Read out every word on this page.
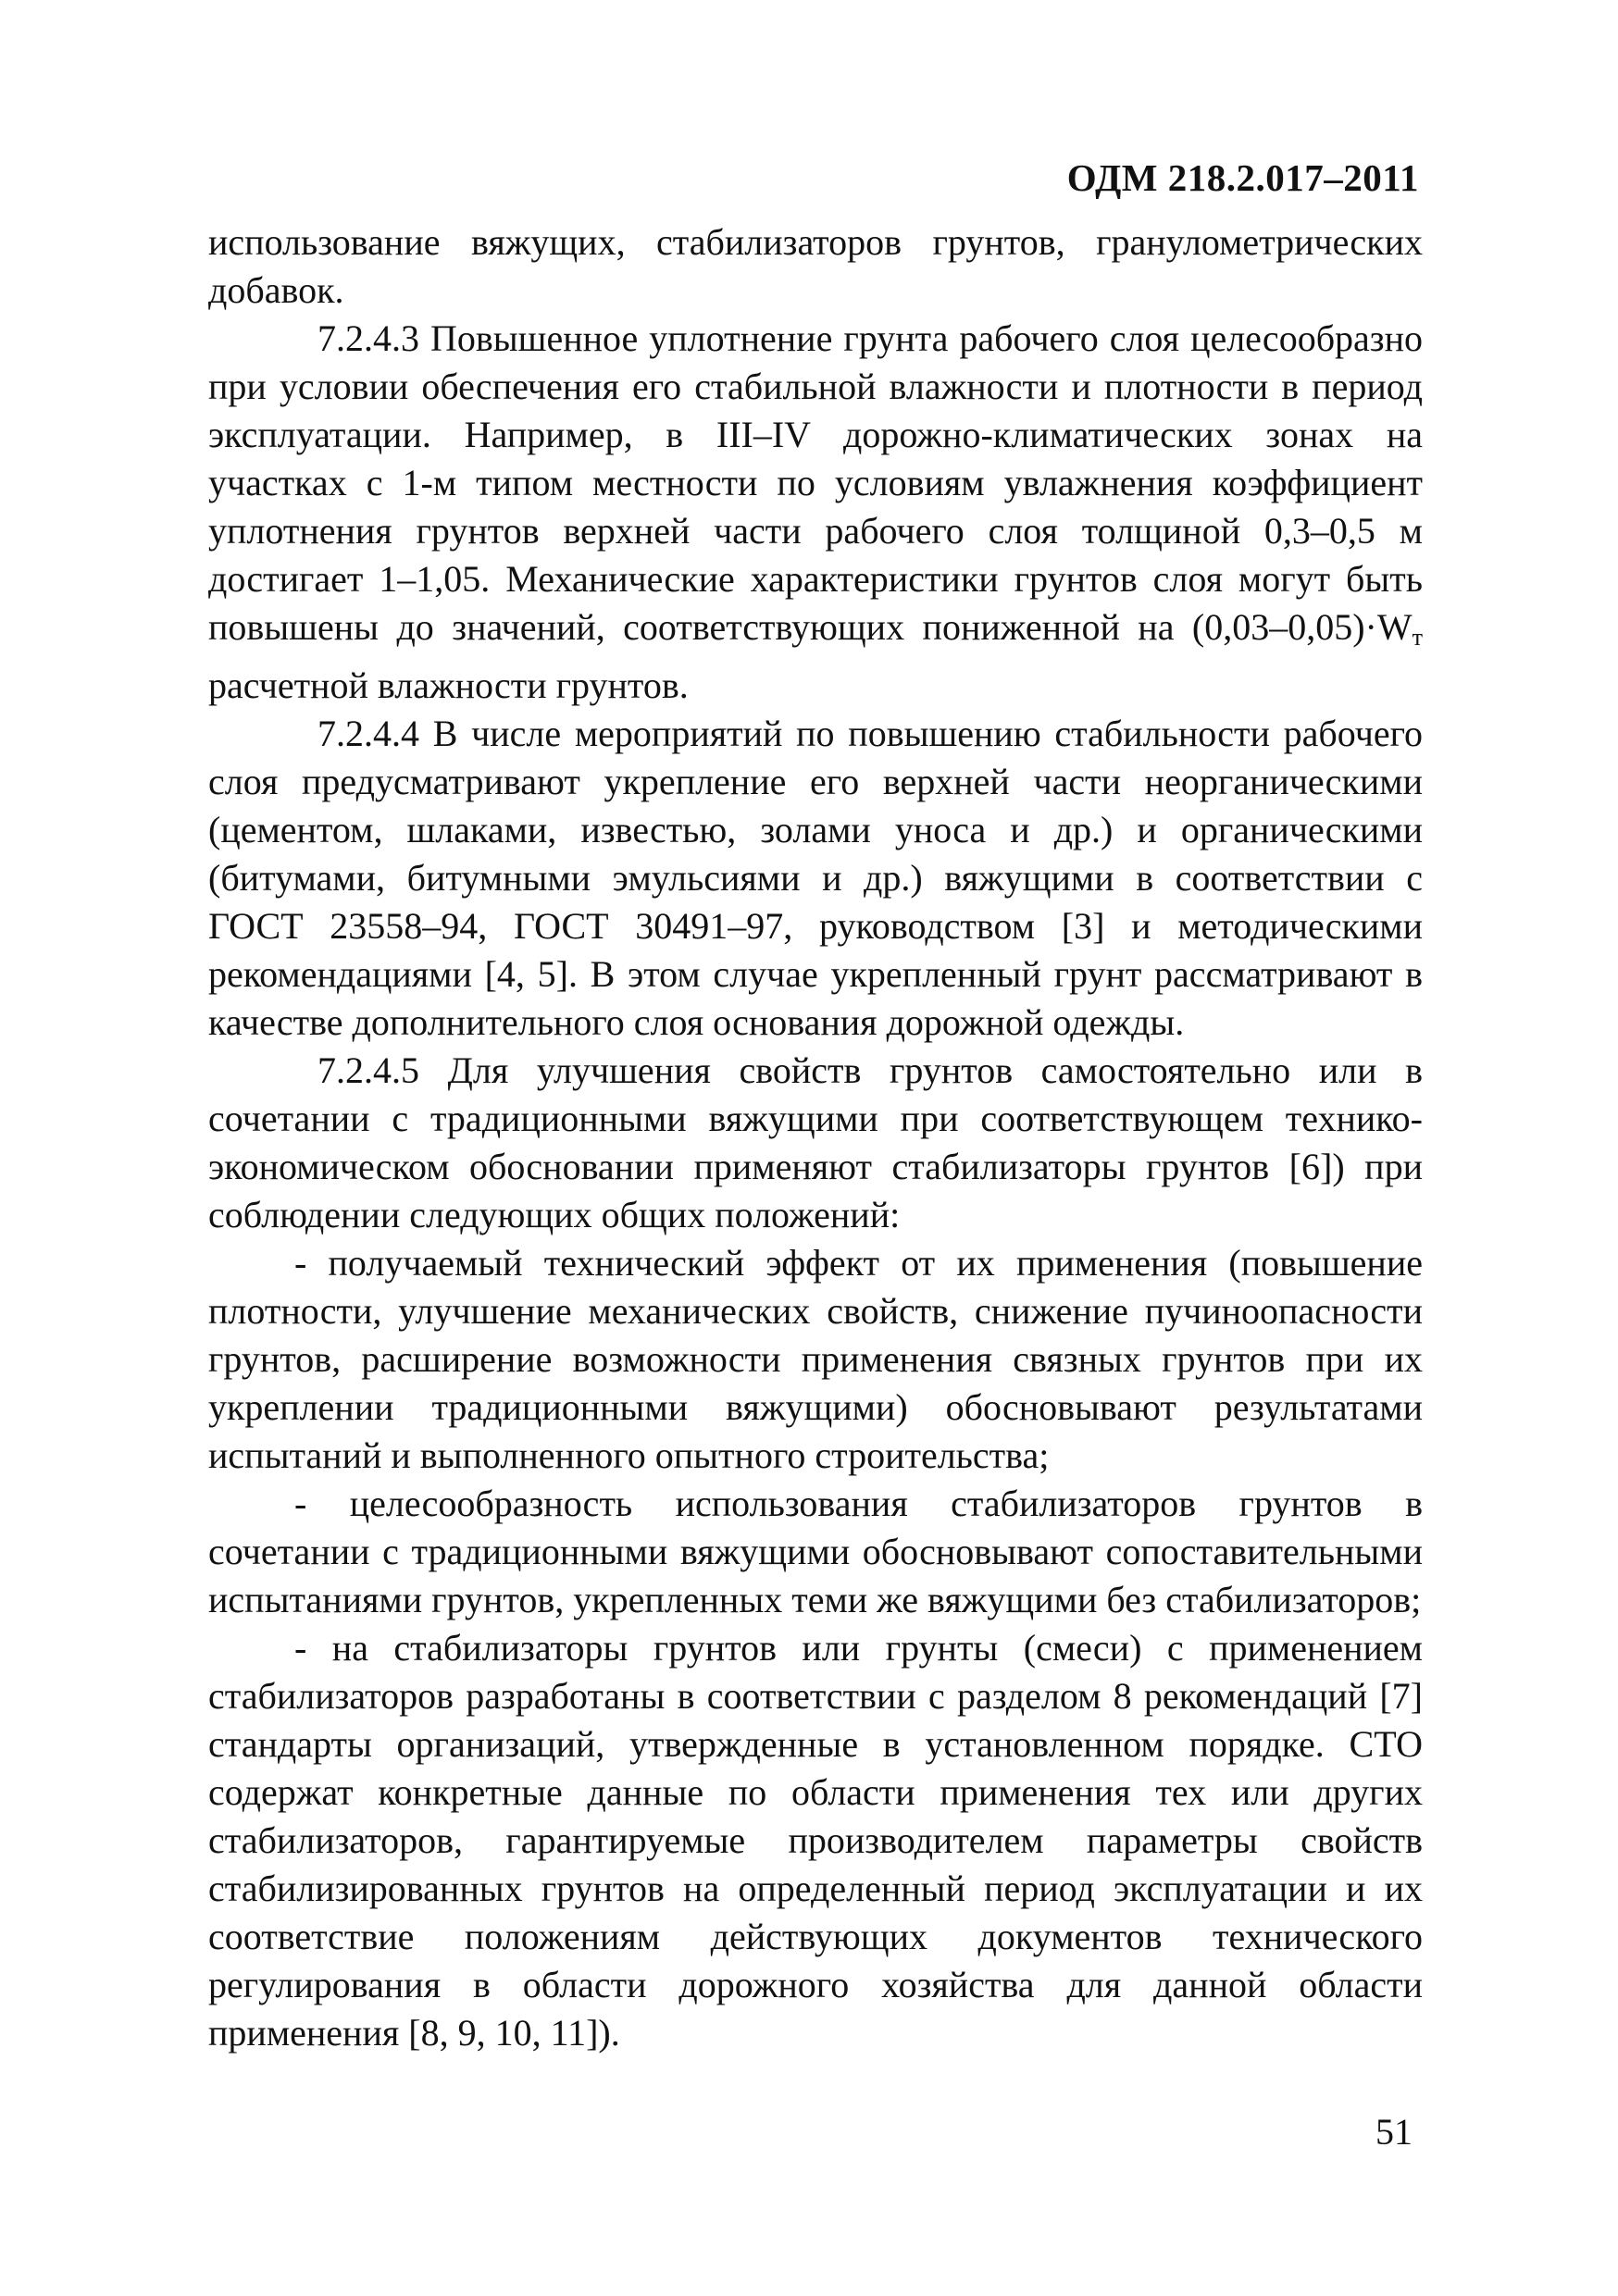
ОДМ 218.2.017–2011

использование вяжущих, стабилизаторов грунтов, гранулометрических добавок.

7.2.4.3 Повышенное уплотнение грунта рабочего слоя целесообразно при условии обеспечения его стабильной влажности и плотности в период эксплуатации. Например, в III–IV дорожно-климатических зонах на участках с 1-м типом местности по условиям увлажнения коэффициент уплотнения грунтов верхней части рабочего слоя толщиной 0,3–0,5 м достигает 1–1,05. Механические характеристики грунтов слоя могут быть повышены до значений, соответствующих пониженной на $(0,03-0,05)\cdot W_т$ расчетной влажности грунтов.

7.2.4.4 В числе мероприятий по повышению стабильности рабочего слоя предусматривают укрепление его верхней части неорганическими (цементом, шлаками, известью, золами уноса и др.) и органическими (битумами, битумными эмульсиями и др.) вяжущими в соответствии с ГОСТ 23558–94, ГОСТ 30491–97, руководством [3] и методическими рекомендациями [4, 5]. В этом случае укрепленный грунт рассматривают в качестве дополнительного слоя основания дорожной одежды.

7.2.4.5 Для улучшения свойств грунтов самостоятельно или в сочетании с традиционными вяжущими при соответствующем технико-экономическом обосновании применяют стабилизаторы грунтов [6]) при соблюдении следующих общих положений:

- получаемый технический эффект от их применения (повышение плотности, улучшение механических свойств, снижение пучиноопасности грунтов, расширение возможности применения связных грунтов при их укреплении традиционными вяжущими) обосновывают результатами испытаний и выполненного опытного строительства;

- целесообразность использования стабилизаторов грунтов в сочетании с традиционными вяжущими обосновывают сопоставительными испытаниями грунтов, укрепленных теми же вяжущими без стабилизаторов;

- на стабилизаторы грунтов или грунты (смеси) с применением стабилизаторов разработаны в соответствии с разделом 8 рекомендаций [7] стандарты организаций, утвержденные в установленном порядке. СТО содержат конкретные данные по области применения тех или других стабилизаторов, гарантируемые производителем параметры свойств стабилизированных грунтов на определенный период эксплуатации и их соответствие положениям действующих документов технического регулирования в области дорожного хозяйства для данной области применения [8, 9, 10, 11]).

51
